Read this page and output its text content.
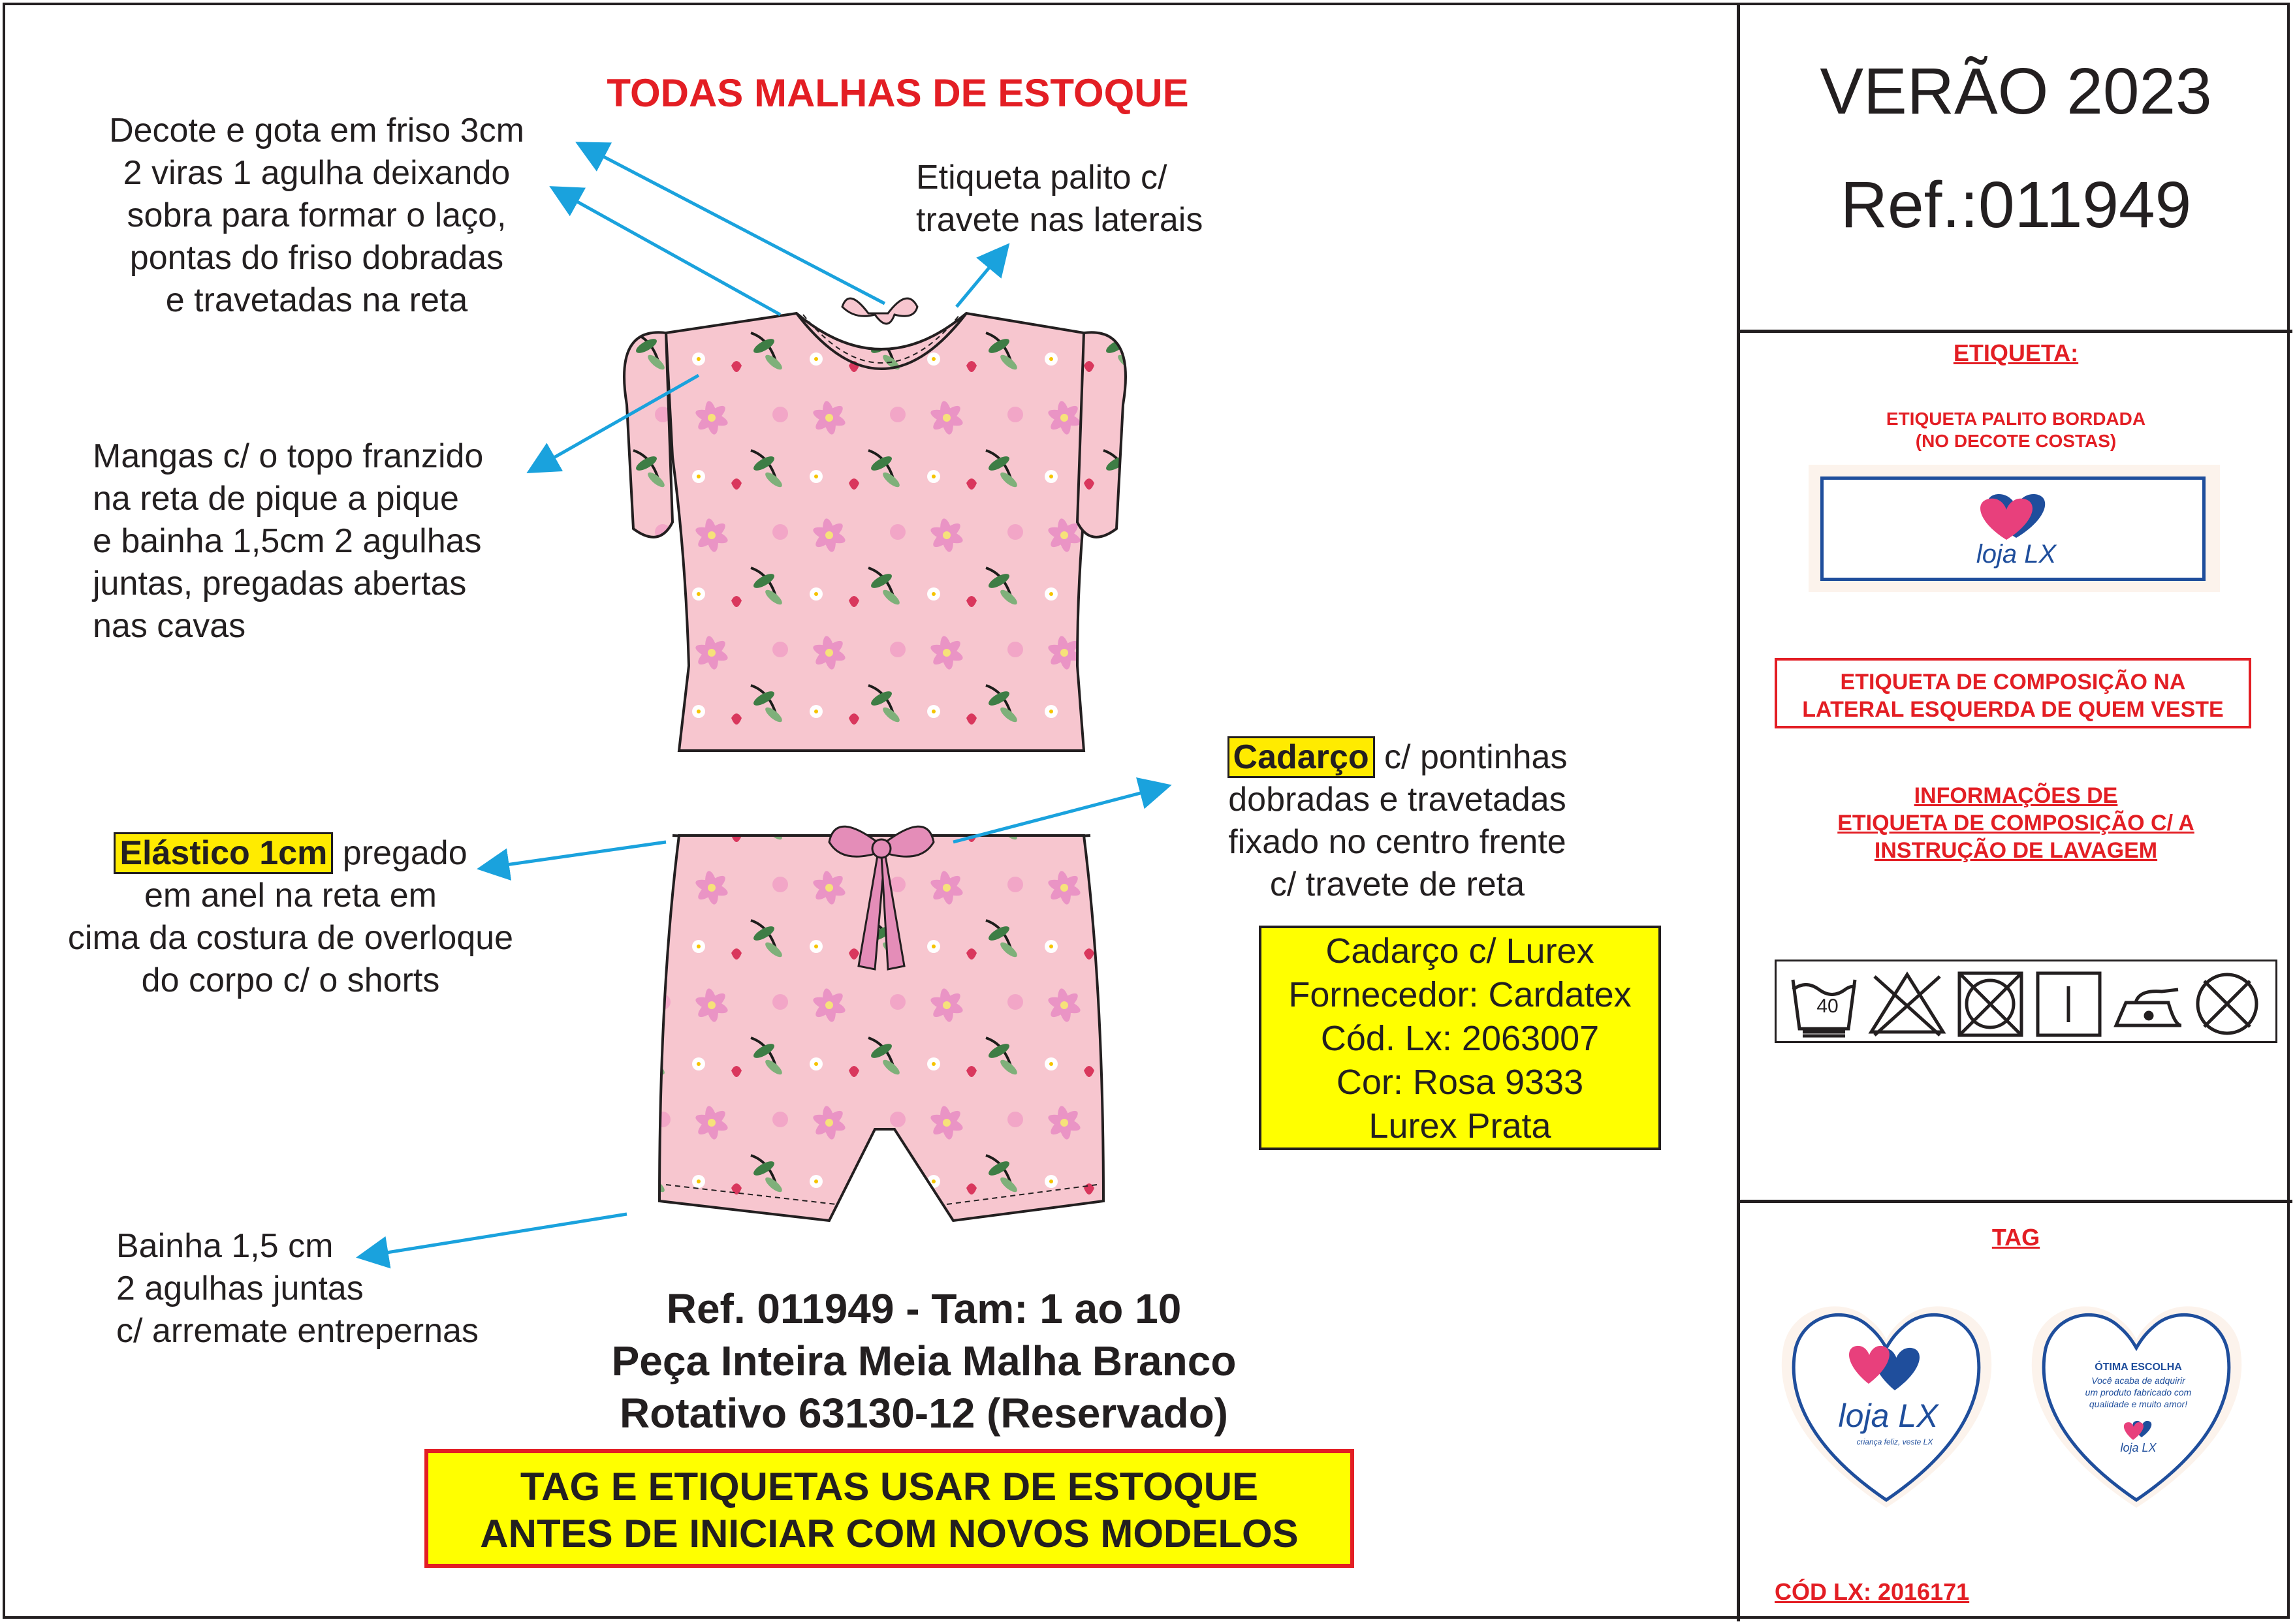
TODAS MALHAS DE ESTOQUE
Decote e gota em friso 3cm
2 viras 1 agulha deixando
sobra para formar o laço,
pontas do friso dobradas
e travetadas na reta
Etiqueta palito c/
travete nas laterais
Mangas c/ o topo franzido
na reta de pique a pique
e bainha 1,5cm 2 agulhas
juntas, pregadas abertas
nas cavas
Elástico 1cm pregado
em anel na reta em
cima da costura de overloque
do corpo c/ o shorts
Cadarço c/ pontinhas
dobradas e travetadas
fixado no centro frente
c/ travete de reta
Cadarço c/ Lurex
Fornecedor: Cardatex
Cód. Lx: 2063007
Cor: Rosa 9333
Lurex Prata
Bainha 1,5 cm
2 agulhas juntas
c/ arremate entrepernas	Ref. 011949 - Tam: 1 ao 10
Peça Inteira Meia Malha Branco
Rotativo 63130-12 (Reservado)
TAG E ETIQUETAS USAR DE ESTOQUE
ANTES DE INICIAR COM NOVOS MODELOS
VERÃO 2023
Ref.:011949
ETIQUETA:
ETIQUETA PALITO BORDADA
(NO DECOTE COSTAS)
loja LX
ETIQUETA DE COMPOSIÇÃO NA
LATERAL ESQUERDA DE QUEM VESTE
INFORMAÇÕES DE
ETIQUETA DE COMPOSIÇÃO C/ A
INSTRUÇÃO DE LAVAGEM
40
TAG
loja LX
criança feliz, veste LX
ÓTIMA ESCOLHA
Você acaba de adquirir
um produto fabricado com
qualidade e muito amor!
loja LX
CÓD LX: 2016171
